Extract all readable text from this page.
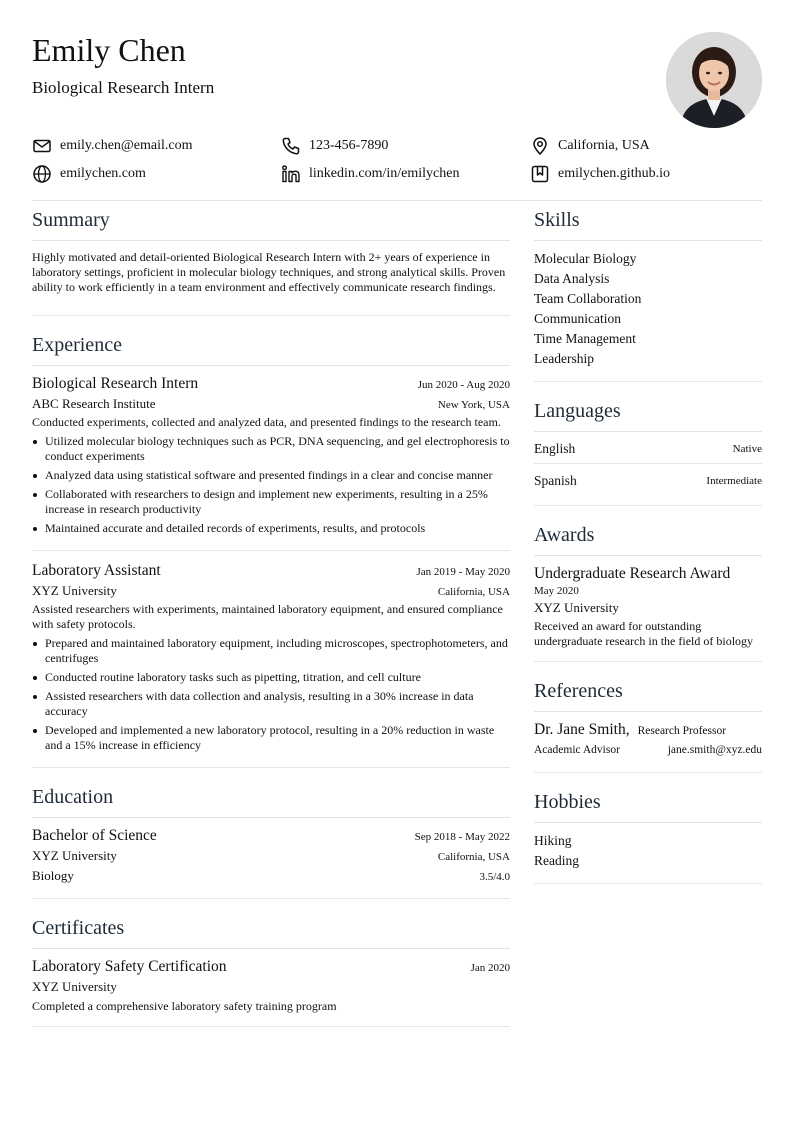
Emily Chen
Biological Research Intern
emily.chen@email.com	123-456-7890	California, USA
emilychen.com	linkedin.com/in/emilychen	emilychen.github.io
Summary
Highly motivated and detail-oriented Biological Research Intern with 2+ years of experience in laboratory settings, proficient in molecular biology techniques, and strong analytical skills. Proven ability to work efficiently in a team environment and effectively communicate research findings.
Experience
Biological Research Intern	Jun 2020 - Aug 2020
ABC Research Institute	New York, USA
Conducted experiments, collected and analyzed data, and presented findings to the research team.
Utilized molecular biology techniques such as PCR, DNA sequencing, and gel electrophoresis to conduct experiments
Analyzed data using statistical software and presented findings in a clear and concise manner
Collaborated with researchers to design and implement new experiments, resulting in a 25% increase in research productivity
Maintained accurate and detailed records of experiments, results, and protocols
Laboratory Assistant	Jan 2019 - May 2020
XYZ University	California, USA
Assisted researchers with experiments, maintained laboratory equipment, and ensured compliance with safety protocols.
Prepared and maintained laboratory equipment, including microscopes, spectrophotometers, and centrifuges
Conducted routine laboratory tasks such as pipetting, titration, and cell culture
Assisted researchers with data collection and analysis, resulting in a 30% increase in data accuracy
Developed and implemented a new laboratory protocol, resulting in a 20% reduction in waste and a 15% increase in efficiency
Education
Bachelor of Science	Sep 2018 - May 2022
XYZ University	California, USA
Biology	3.5/4.0
Certificates
Laboratory Safety Certification	Jan 2020
XYZ University
Completed a comprehensive laboratory safety training program
Skills
Molecular Biology
Data Analysis
Team Collaboration
Communication
Time Management
Leadership
Languages
English	Native
Spanish	Intermediate
Awards
Undergraduate Research Award
May 2020
XYZ University
Received an award for outstanding undergraduate research in the field of biology
References
Dr. Jane Smith, Research Professor
Academic Advisor	jane.smith@xyz.edu
Hobbies
Hiking
Reading
